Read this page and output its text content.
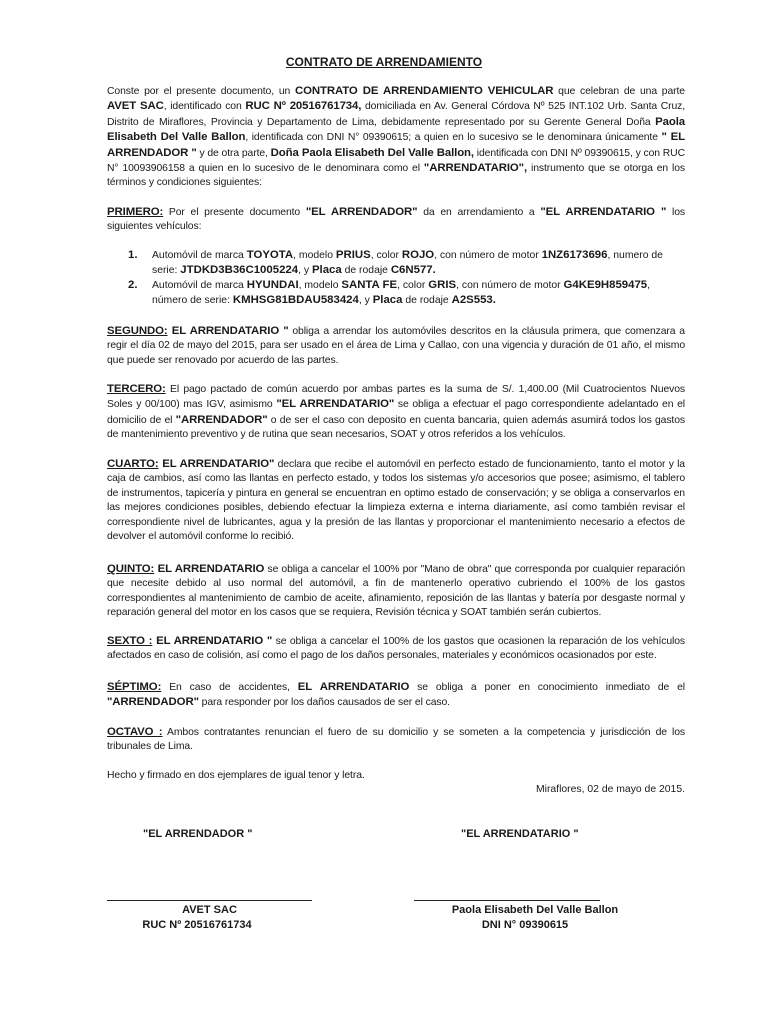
CONTRATO DE ARRENDAMIENTO
Conste por el presente documento, un CONTRATO DE ARRENDAMIENTO VEHICULAR que celebran de una parte AVET SAC, identificado con RUC Nº 20516761734, domiciliada en Av. General Córdova Nº 525 INT.102 Urb. Santa Cruz, Distrito de Miraflores, Provincia y Departamento de Lima, debidamente representado por su Gerente General Doña Paola Elisabeth Del Valle Ballon, identificada con DNI N° 09390615; a quien en lo sucesivo se le denominara únicamente " EL ARRENDADOR " y de otra parte, Doña Paola Elisabeth Del Valle Ballon, identificada con DNI Nº 09390615, y con RUC N° 10093906158 a quien en lo sucesivo de le denominara como el "ARRENDATARIO", instrumento que se otorga en los términos y condiciones siguientes:
PRIMERO: Por el presente documento "EL ARRENDADOR" da en arrendamiento a "EL ARRENDATARIO " los siguientes vehículos:
1. Automóvil de marca TOYOTA, modelo PRIUS, color ROJO, con número de motor 1NZ6173696, numero de serie: JTDKD3B36C1005224, y Placa de rodaje C6N577.
2. Automóvil de marca HYUNDAI, modelo SANTA FE, color GRIS, con número de motor G4KE9H859475, número de serie: KMHSG81BDAU583424, y Placa de rodaje A2S553.
SEGUNDO: EL ARRENDATARIO " obliga a arrendar los automóviles descritos en la cláusula primera, que comenzara a regir el día 02 de mayo del 2015, para ser usado en el área de Lima y Callao, con una vigencia y duración de 01 año, el mismo que puede ser renovado por acuerdo de las partes.
TERCERO: El pago pactado de común acuerdo por ambas partes es la suma de S/. 1,400.00 (Mil Cuatrocientos Nuevos Soles y 00/100) mas IGV, asimismo "EL ARRENDATARIO" se obliga a efectuar el pago correspondiente adelantado en el domicilio de el "ARRENDADOR" o de ser el caso con deposito en cuenta bancaria, quien además asumirá todos los gastos de mantenimiento preventivo y de rutina que sean necesarios, SOAT y otros referidos a los vehículos.
CUARTO: EL ARRENDATARIO" declara que recibe el automóvil en perfecto estado de funcionamiento, tanto el motor y la caja de cambios, así como las llantas en perfecto estado, y todos los sistemas y/o accesorios que posee; asimismo, el tablero de instrumentos, tapicería y pintura en general se encuentran en optimo estado de conservación; y se obliga a conservarlos en las mejores condiciones posibles, debiendo efectuar la limpieza externa e interna diariamente, así como también revisar el correspondiente nivel de lubricantes, agua y la presión de las llantas y proporcionar el mantenimiento necesario a efectos de devolver el automóvil conforme lo recibió.
QUINTO: EL ARRENDATARIO se obliga a cancelar el 100% por "Mano de obra" que corresponda por cualquier reparación que necesite debido al uso normal del automóvil, a fin de mantenerlo operativo cubriendo el 100% de los gastos correspondientes al mantenimiento de cambio de aceite, afinamiento, reposición de las llantas y batería por desgaste normal y reparación general del motor en los casos que se requiera, Revisión técnica y SOAT también serán cubiertos.
SEXTO : EL ARRENDATARIO " se obliga a cancelar el 100% de los gastos que ocasionen la reparación de los vehículos afectados en caso de colisión, así como el pago de los daños personales, materiales y económicos ocasionados por este.
SÉPTIMO: En caso de accidentes, EL ARRENDATARIO se obliga a poner en conocimiento inmediato de el "ARRENDADOR" para responder por los daños causados de ser el caso.
OCTAVO : Ambos contratantes renuncian el fuero de su domicilio y se someten a la competencia y jurisdicción de los tribunales de Lima.
Hecho y firmado en dos ejemplares de igual tenor y letra.
Miraflores, 02 de mayo de 2015.
"EL ARRENDADOR "	"EL ARRENDATARIO "
AVET SAC
RUC Nº 20516761734
Paola Elisabeth Del Valle Ballon
DNI N° 09390615
